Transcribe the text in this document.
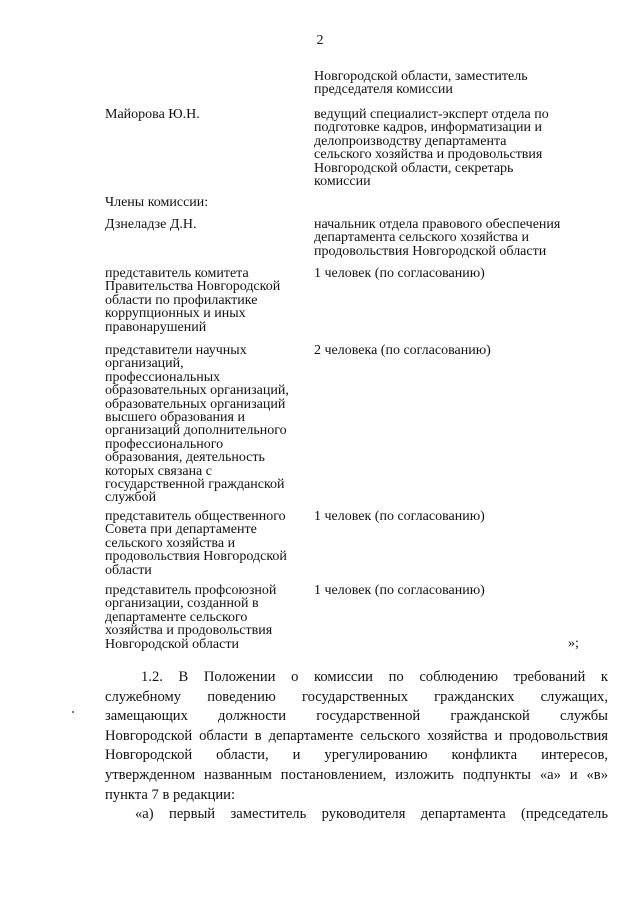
2

Новгородской области, заместитель
председателя комиссии

Майорова Ю.Н.	ведущий специалист-эксперт отдела по
подготовке кадров, информатизации и
делопроизводству департамента
сельского хозяйства и продовольствия
Новгородской области, секретарь
комиссии

Члены комиссии:

Дзнеладзе Д.Н.	начальник отдела правового обеспечения
департамента сельского хозяйства и
продовольствия Новгородской области

представитель комитета
Правительства Новгородской
области по профилактике
коррупционных и иных
правонарушений

1 человек (по согласованию)

представители научных
организаций,
профессиональных
образовательных организаций,
образовательных организаций
высшего образования и
организаций дополнительного
профессионального
образования, деятельность
которых связана с
государственной гражданской
службой

2 человека (по согласованию)

представитель общественного
Совета при департаменте
сельского хозяйства и
продовольствия Новгородской
области

1 человек (по согласованию)

представитель профсоюзной
организации, созданной в
департаменте сельского
хозяйства и продовольствия
Новгородской области

1 человек (по согласованию)

»;
1.2. В Положении о комиссии по соблюдению требований к
служебному поведению государственных гражданских служащих,
замещающих должности государственной гражданской службы
Новгородской области в департаменте сельского хозяйства и продовольствия
Новгородской области, и урегулированию конфликта интересов,
утвержденном названным постановлением, изложить подпункты «а» и «в»
пункта 7 в редакции:
«а) первый заместитель руководителя департамента (председатель
